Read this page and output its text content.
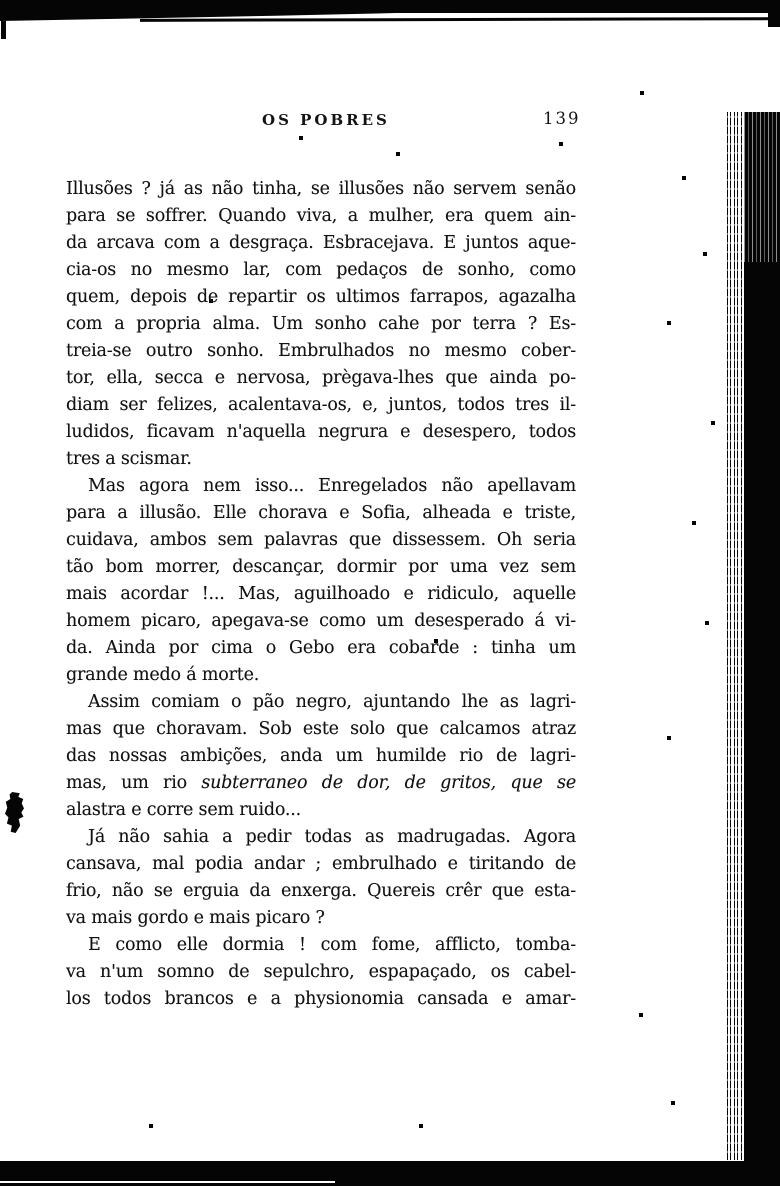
OS POBRES	139
Illusões ? já as não tinha, se illusões não servem senão
para se soffrer. Quando viva, a mulher, era quem ain-
da arcava com a desgraça. Esbracejava. E juntos aque-
cia-os no mesmo lar, com pedaços de sonho, como
quem, depois de repartir os ultimos farrapos, agazalha
com a propria alma. Um sonho cahe por terra ? Es-
treia-se outro sonho. Embrulhados no mesmo cober-
tor, ella, secca e nervosa, prègava-lhes que ainda po-
diam ser felizes, acalentava-os, e, juntos, todos tres il-
ludidos, ficavam n'aquella negrura e desespero, todos
tres a scismar.
Mas agora nem isso... Enregelados não apellavam
para a illusão. Elle chorava e Sofia, alheada e triste,
cuidava, ambos sem palavras que dissessem. Oh seria
tão bom morrer, descançar, dormir por uma vez sem
mais acordar !... Mas, aguilhoado e ridiculo, aquelle
homem picaro, apegava-se como um desesperado á vi-
da. Ainda por cima o Gebo era cobarde : tinha um
grande medo á morte.
Assim comiam o pão negro, ajuntando lhe as lagri-
mas que choravam. Sob este solo que calcamos atraz
das nossas ambições, anda um humilde rio de lagri-
mas, um rio subterraneo de dor, de gritos, que se
alastra e corre sem ruido...
Já não sahia a pedir todas as madrugadas. Agora
cansava, mal podia andar ; embrulhado e tiritando de
frio, não se erguia da enxerga. Quereis crêr que esta-
va mais gordo e mais picaro ?
E como elle dormia ! com fome, afflicto, tomba-
va n'um somno de sepulchro, espapaçado, os cabel-
los todos brancos e a physionomia cansada e amar-
